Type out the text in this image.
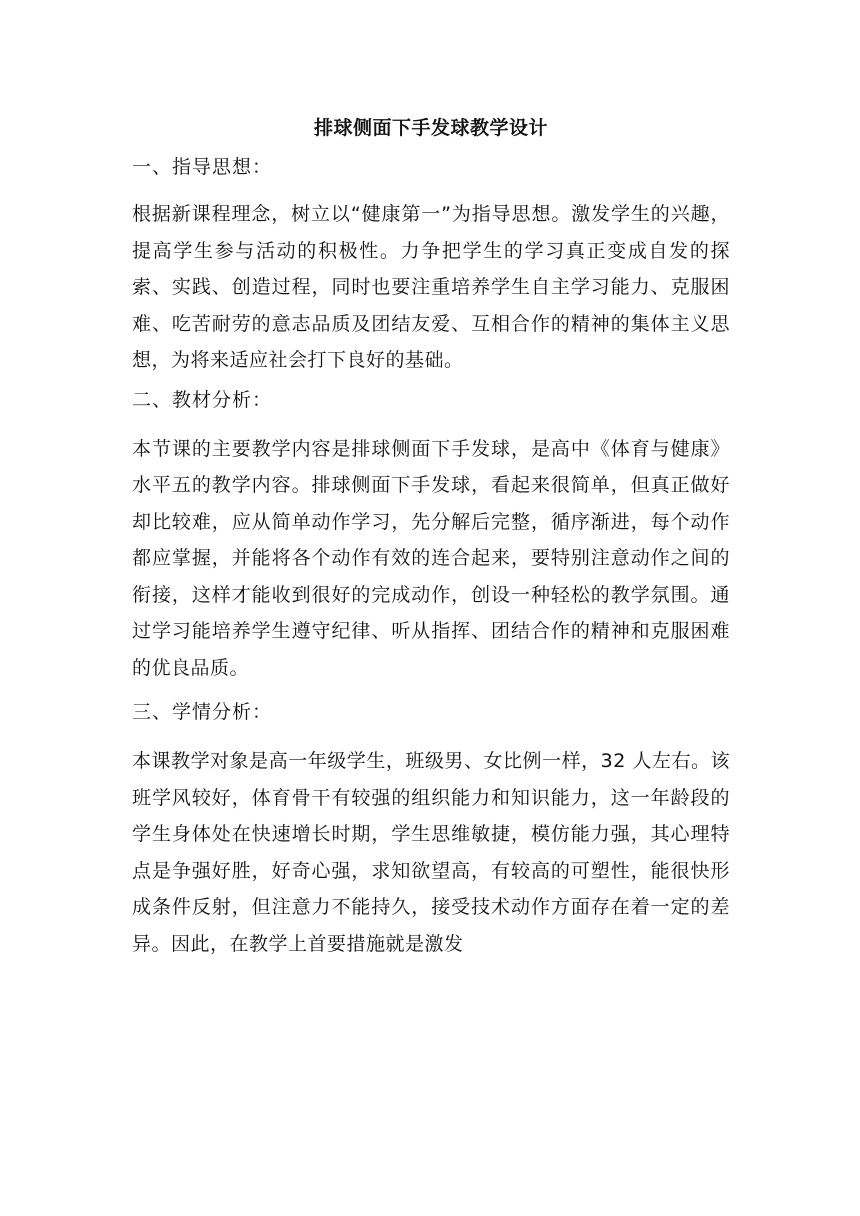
排球侧面下手发球教学设计
一、指导思想：

根据新课程理念，树立以“健康第一”为指导思想。激发学生的兴趣，提高学生参与活动的积极性。力争把学生的学习真正变成自发的探索、实践、创造过程，同时也要注重培养学生自主学习能力、克服困难、吃苦耐劳的意志品质及团结友爱、互相合作的精神的集体主义思想，为将来适应社会打下良好的基础。

二、教材分析：

本节课的主要教学内容是排球侧面下手发球，是高中《体育与健康》水平五的教学内容。排球侧面下手发球，看起来很简单，但真正做好却比较难，应从简单动作学习，先分解后完整，循序渐进，每个动作都应掌握，并能将各个动作有效的连合起来，要特别注意动作之间的衔接，这样才能收到很好的完成动作，创设一种轻松的教学氛围。通过学习能培养学生遵守纪律、听从指挥、团结合作的精神和克服困难的优良品质。

三、学情分析：

本课教学对象是高一年级学生，班级男、女比例一样，32 人左右。该班学风较好，体育骨干有较强的组织能力和知识能力，这一年龄段的学生身体处在快速增长时期，学生思维敏捷，模仿能力强，其心理特点是争强好胜，好奇心强，求知欲望高，有较高的可塑性，能很快形成条件反射，但注意力不能持久，接受技术动作方面存在着一定的差异。因此，在教学上首要措施就是激发
